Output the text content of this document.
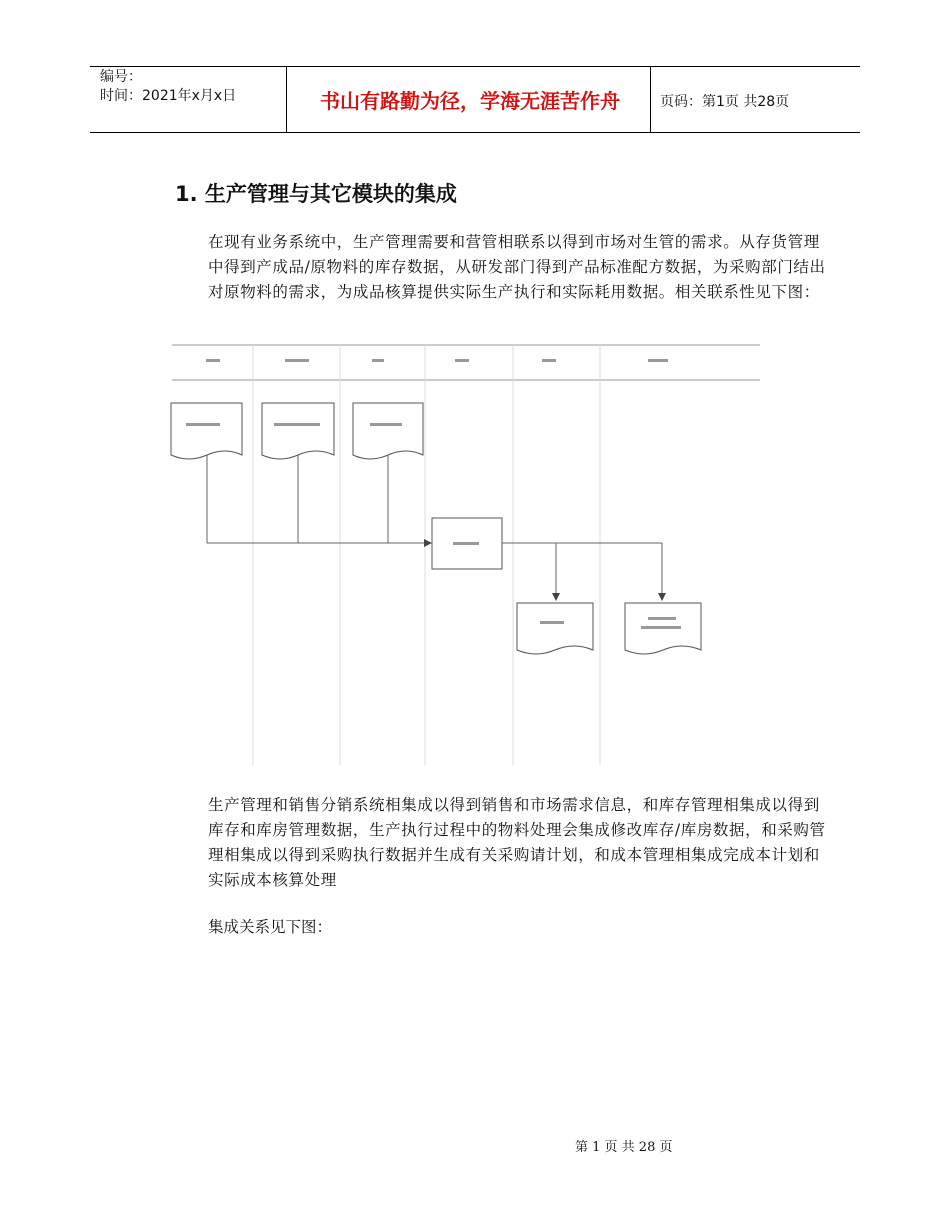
编号：
时间：2021年x月x日	书山有路勤为径，学海无涯苦作舟	页码：第1页 共28页
1. 生产管理与其它模块的集成
在现有业务系统中，生产管理需要和营管相联系以得到市场对生管的需求。从存货管理中得到产成品/原物料的库存数据，从研发部门得到产品标准配方数据，为采购部门结出对原物料的需求，为成品核算提供实际生产执行和实际耗用数据。相关联系性见下图：
生产管理和销售分销系统相集成以得到销售和市场需求信息，和库存管理相集成以得到库存和库房管理数据，生产执行过程中的物料处理会集成修改库存/库房数据，和采购管理相集成以得到采购执行数据并生成有关采购请计划，和成本管理相集成完成本计划和实际成本核算处理
集成关系见下图：
第 1 页 共 28 页
